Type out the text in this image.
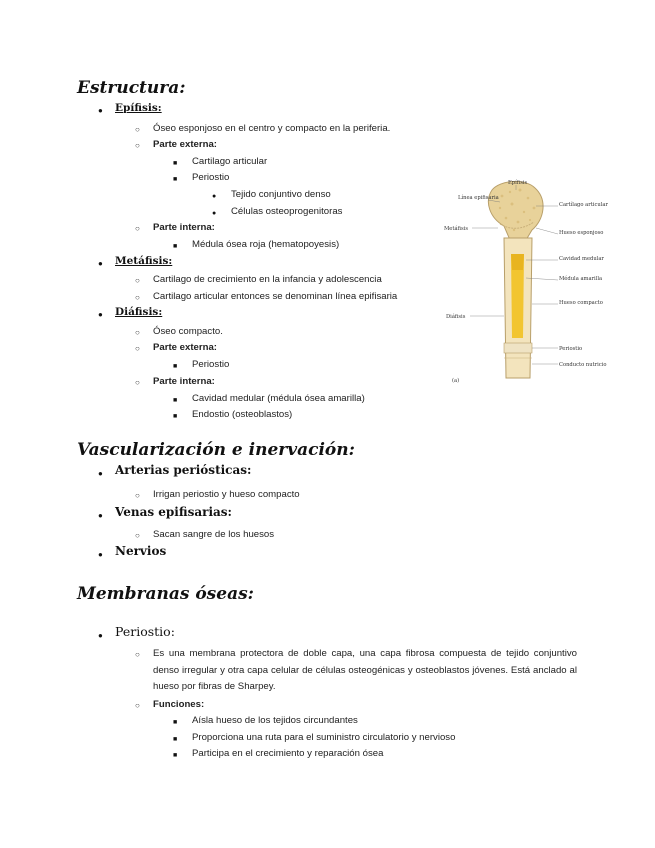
Estructura:
● Epífisis:
○ Óseo esponjoso en el centro y compacto en la periferia.
○ Parte externa:
■ Cartilago articular
■ Periostio
● Tejido conjuntivo denso
● Células osteoprogenitoras
○ Parte interna:
■ Médula ósea roja (hematopoyesis)
● Metáfisis:
○ Cartilago de crecimiento en la infancia y adolescencia
○ Cartilago articular entonces se denominan línea epifisaria
● Diáfisis:
○ Óseo compacto.
○ Parte externa:
■ Periostio
○ Parte interna:
■ Cavidad medular (médula ósea amarilla)
■ Endostio (osteoblastos)
Epífisis
Línea epifisaria
Metáfisis
Cartílago articular
Hueso esponjoso
Cavidad medular
Médula amarilla
Hueso compacto
Diáfisis
Periostio
Conducto nutricio
(a)
Vascularización e inervación:
● Arterias periósticas:
○ Irrigan periostio y hueso compacto
● Venas epifisarias:
○ Sacan sangre de los huesos
● Nervios
Membranas óseas:
● Periostio:
○ Es una membrana protectora de doble capa, una capa fibrosa compuesta de tejido conjuntivo denso irregular y otra capa celular de células osteogénicas y osteoblastos jóvenes. Está anclado al hueso por fibras de Sharpey.
○ Funciones:
■ Aísla hueso de los tejidos circundantes
■ Proporciona una ruta para el suministro circulatorio y nervioso
■ Participa en el crecimiento y reparación ósea
